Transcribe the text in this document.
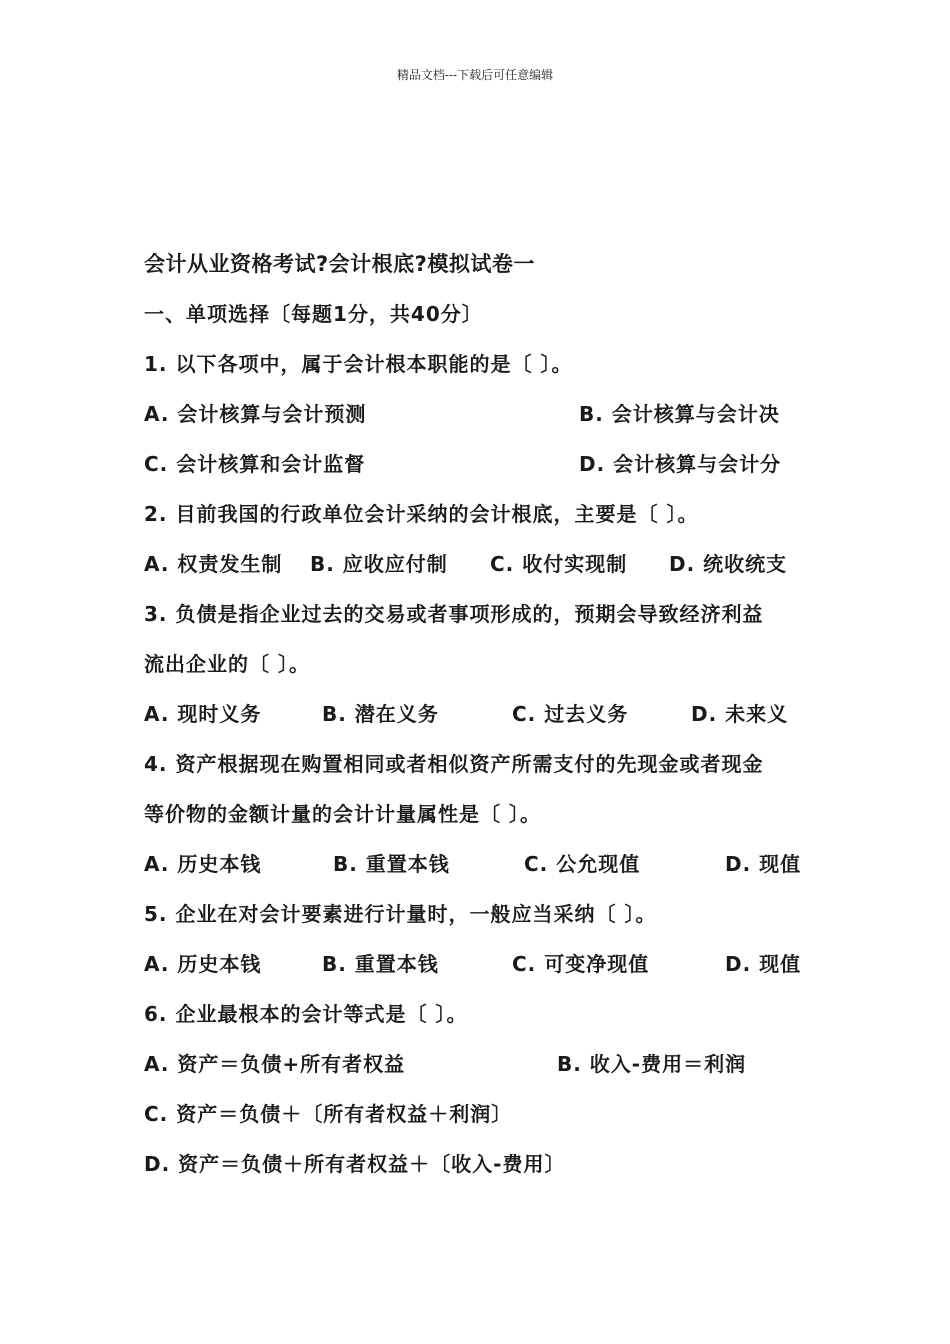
精品文档---下载后可任意编辑
会计从业资格考试?会计根底?模拟试卷一
一、单项选择〔每题1分，共40分〕
1. 以下各项中，属于会计根本职能的是〔 〕。
A. 会计核算与会计预测	B. 会计核算与会计决
C. 会计核算和会计监督	D. 会计核算与会计分
2. 目前我国的行政单位会计采纳的会计根底，主要是〔 〕。
A. 权责发生制 B. 应收应付制 C. 收付实现制 D. 统收统支
3. 负债是指企业过去的交易或者事项形成的，预期会导致经济利益
流出企业的〔 〕。
A. 现时义务	B. 潜在义务	C. 过去义务	D. 未来义
4. 资产根据现在购置相同或者相似资产所需支付的先现金或者现金
等价物的金额计量的会计计量属性是〔 〕。
A. 历史本钱	B. 重置本钱	C. 公允现值	D. 现值
5. 企业在对会计要素进行计量时，一般应当采纳〔 〕。
A. 历史本钱	B. 重置本钱	C. 可变净现值	D. 现值
6. 企业最根本的会计等式是〔 〕。
A. 资产＝负债+所有者权益	B. 收入-费用＝利润
C. 资产＝负债＋〔所有者权益＋利润〕
D. 资产＝负债＋所有者权益＋〔收入-费用〕
